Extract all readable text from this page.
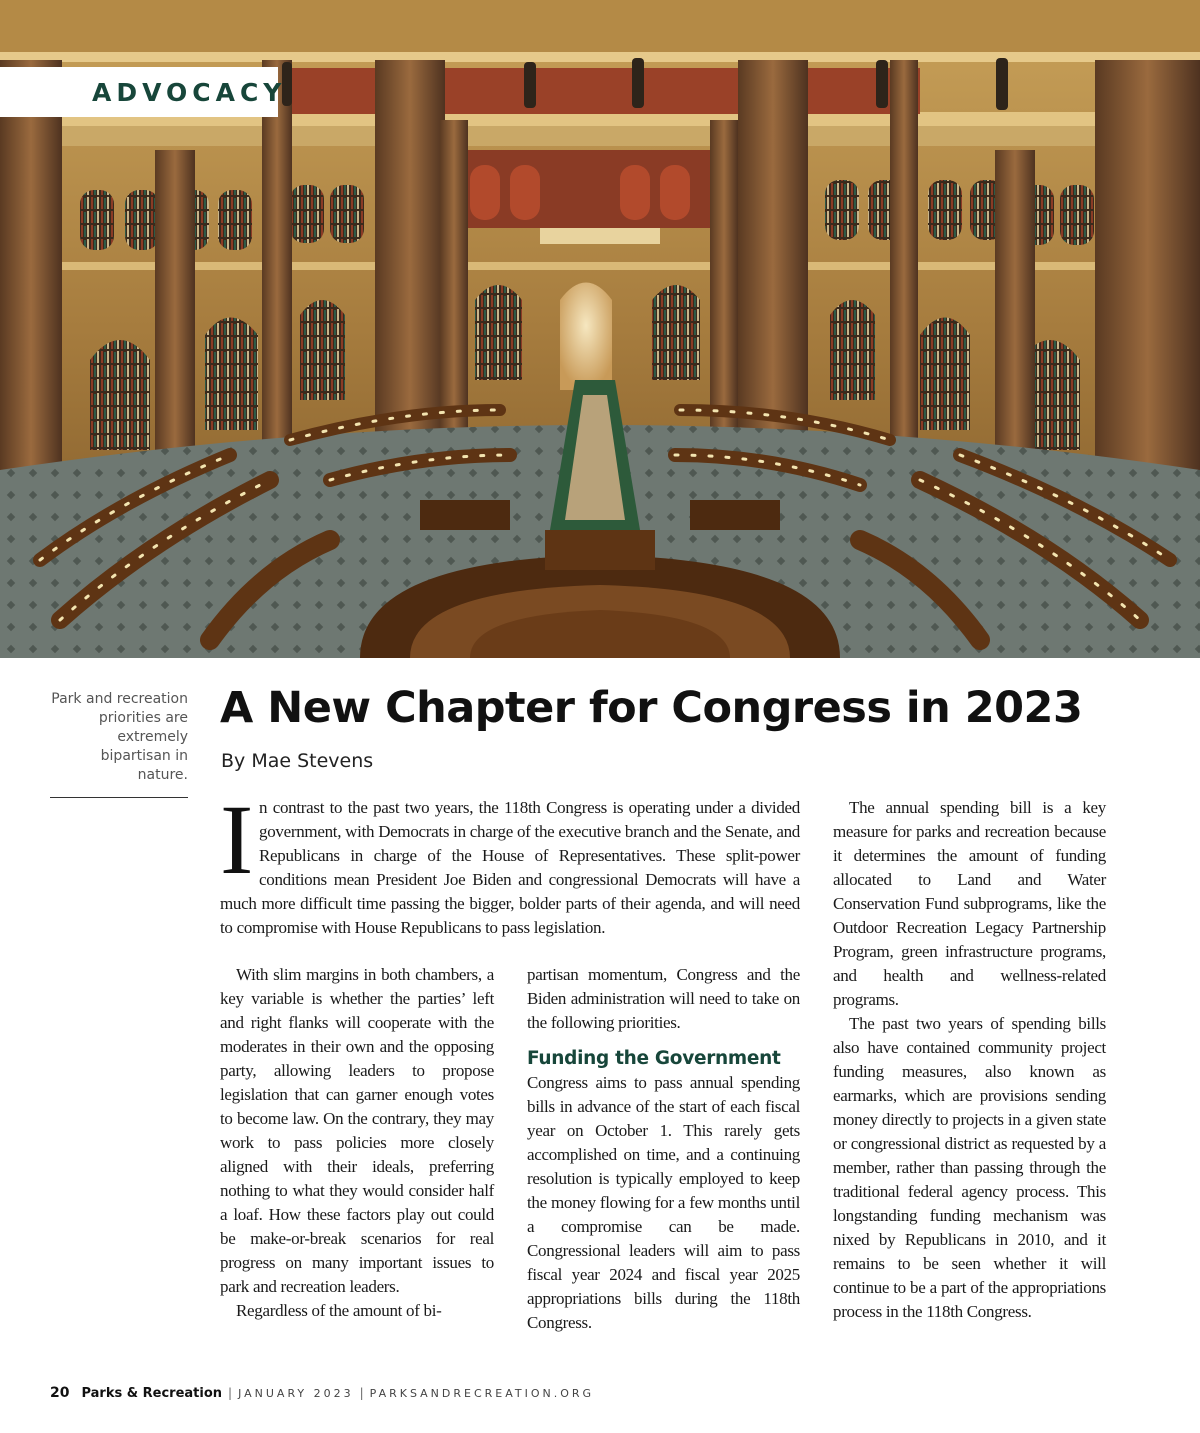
ADVOCACY
Park and recreation priorities are extremely bipartisan in nature.
A New Chapter for Congress in 2023
By Mae Stevens

In contrast to the past two years, the 118th Congress is operating under a divided government, with Democrats in charge of the executive branch and the Senate, and Republicans in charge of the House of Representatives. These split-power conditions mean President Joe Biden and congressional Democrats will have a much more difficult time passing the bigger, bolder parts of their agenda, and will need to compromise with House Republicans to pass legislation.

With slim margins in both chambers, a key variable is whether the parties’ left and right flanks will cooperate with the moderates in their own and the opposing party, allowing leaders to propose legislation that can garner enough votes to become law. On the contrary, they may work to pass policies more closely aligned with their ideals, preferring nothing to what they would consider half a loaf. How these factors play out could be make-or-break scenarios for real progress on many important issues to park and recreation leaders.

Regardless of the amount of bi-

partisan momentum, Congress and the Biden administration will need to take on the following priorities.

Funding the Government

Congress aims to pass annual spending bills in advance of the start of each fiscal year on October 1. This rarely gets accomplished on time, and a continuing resolution is typically employed to keep the money flowing for a few months until a compromise can be made. Congressional leaders will aim to pass fiscal year 2024 and fiscal year 2025 appropriations bills during the 118th Congress.

The annual spending bill is a key measure for parks and recreation because it determines the amount of funding allocated to Land and Water Conservation Fund subprograms, like the Outdoor Recreation Legacy Partnership Program, green infrastructure programs, and health and wellness-related programs.

The past two years of spending bills also have contained community project funding measures, also known as earmarks, which are provisions sending money directly to projects in a given state or congressional district as requested by a member, rather than passing through the traditional federal agency process. This longstanding funding mechanism was nixed by Republicans in 2010, and it remains to be seen whether it will continue to be a part of the appropriations process in the 118th Congress.

20 Parks & Recreation | JANUARY 2023 | PARKSANDRECREATION.ORG
